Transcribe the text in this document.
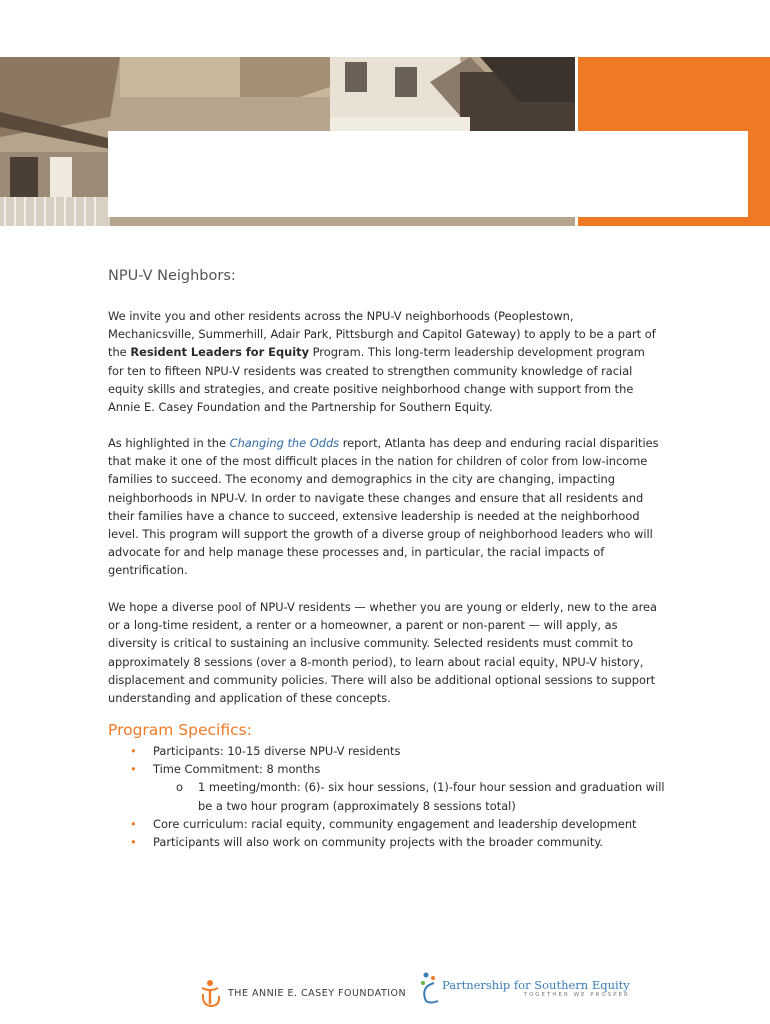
NPU-V Neighbors:

We invite you and other residents across the NPU-V neighborhoods (Peoplestown, Mechanicsville, Summerhill, Adair Park, Pittsburgh and Capitol Gateway) to apply to be a part of the Resident Leaders for Equity Program. This long-term leadership development program for ten to fifteen NPU-V residents was created to strengthen community knowledge of racial equity skills and strategies, and create positive neighborhood change with support from the Annie E. Casey Foundation and the Partnership for Southern Equity.

As highlighted in the Changing the Odds report, Atlanta has deep and enduring racial disparities that make it one of the most difficult places in the nation for children of color from low-income families to succeed. The economy and demographics in the city are changing, impacting neighborhoods in NPU-V. In order to navigate these changes and ensure that all residents and their families have a chance to succeed, extensive leadership is needed at the neighborhood level. This program will support the growth of a diverse group of neighborhood leaders who will advocate for and help manage these processes and, in particular, the racial impacts of gentrification.

We hope a diverse pool of NPU-V residents — whether you are young or elderly, new to the area or a long-time resident, a renter or a homeowner, a parent or non-parent — will apply, as diversity is critical to sustaining an inclusive community. Selected residents must commit to approximately 8 sessions (over a 8-month period), to learn about racial equity, NPU-V history, displacement and community policies. There will also be additional optional sessions to support understanding and application of these concepts.

Program Specifics:
• Participants: 10-15 diverse NPU-V residents
• Time Commitment: 8 months
o 1 meeting/month: (6)- six hour sessions, (1)-four hour session and graduation will be a two hour program (approximately 8 sessions total)
• Core curriculum: racial equity, community engagement and leadership development
• Participants will also work on community projects with the broader community.
THE ANNIE E. CASEY FOUNDATION
Partnership for Southern Equity
TOGETHER WE PROSPER
